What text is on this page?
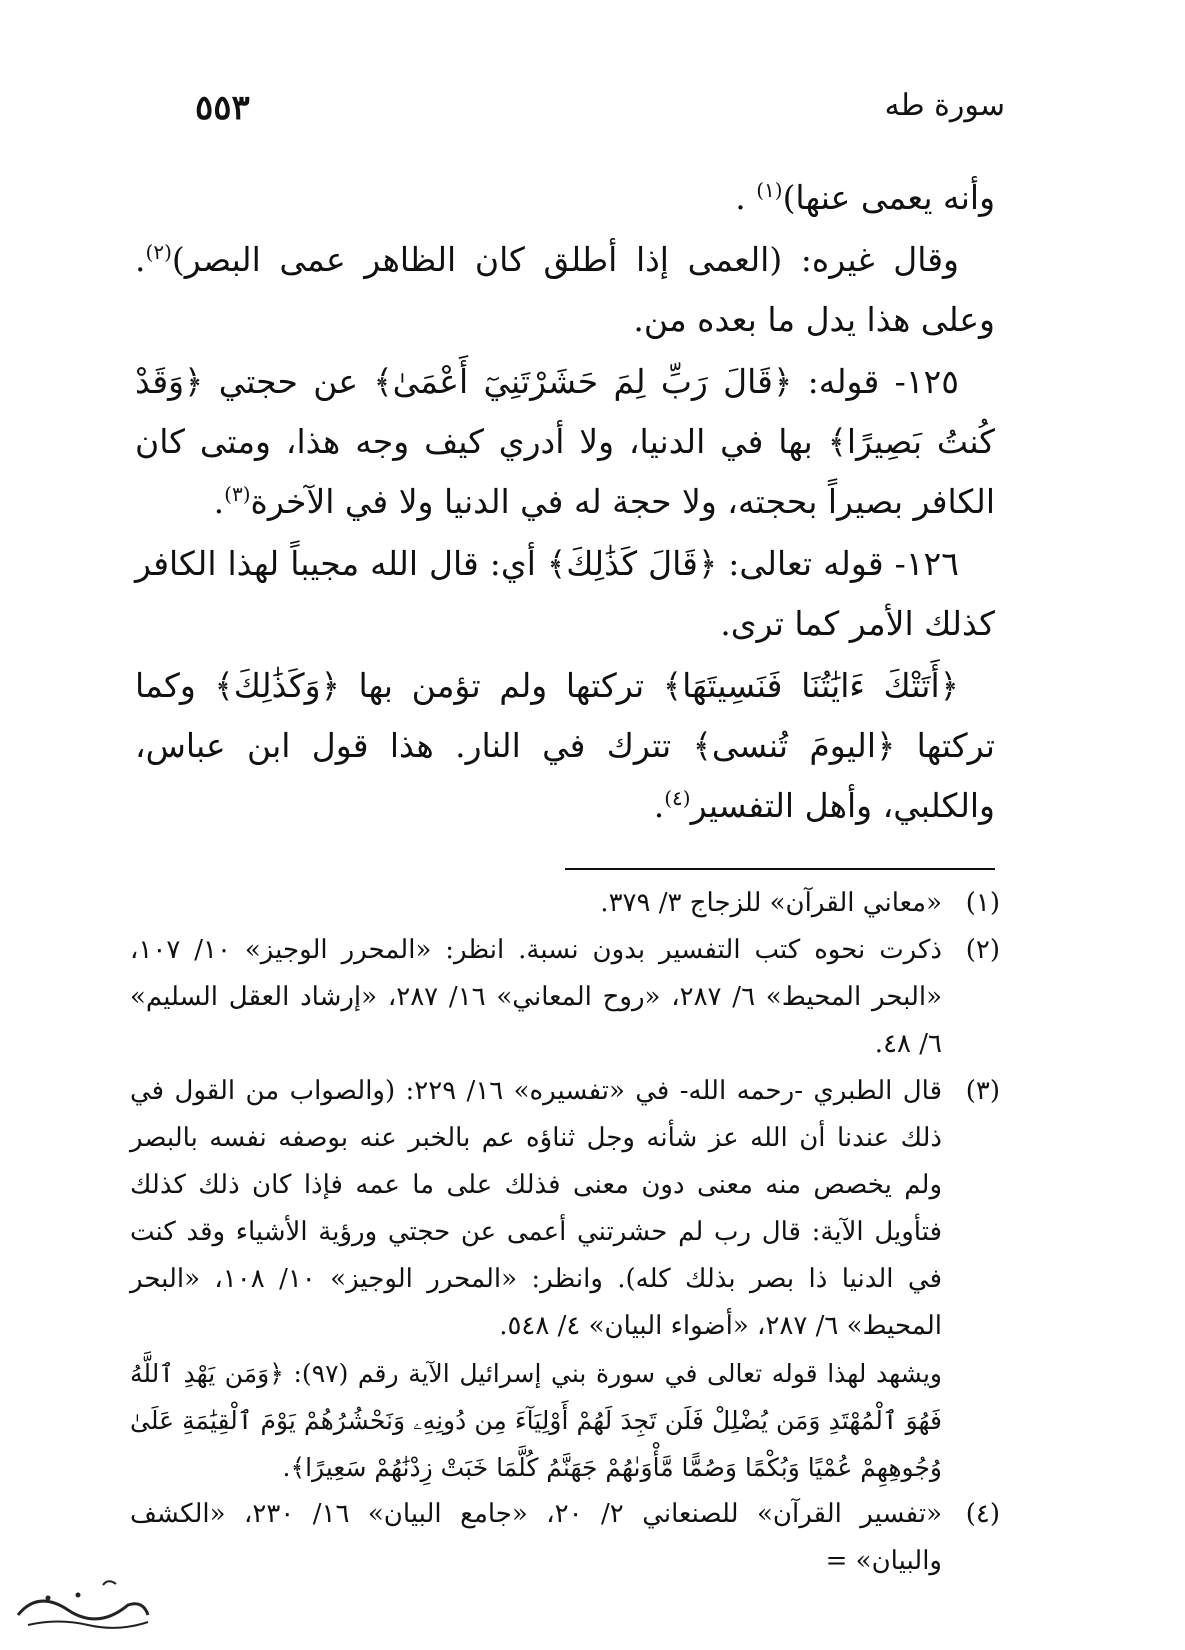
٥٥٣	سورة طه

وأنه يعمى عنها)$^{(١)}$ .

وقال غيره: (العمى إذا أطلق كان الظاهر عمى البصر)$^{(٢)}$. وعلى هذا يدل ما بعده من.

١٢٥- قوله: ﴿قَالَ رَبِّ لِمَ حَشَرْتَنِيٓ أَعْمَىٰ﴾ عن حجتي ﴿وَقَدْ كُنتُ بَصِيرًا﴾ بها في الدنيا، ولا أدري كيف وجه هذا، ومتى كان الكافر بصيراً بحجته، ولا حجة له في الدنيا ولا في الآخرة$^{(٣)}$.

١٢٦- قوله تعالى: ﴿قَالَ كَذَٰلِكَ﴾ أي: قال الله مجيباً لهذا الكافر كذلك الأمر كما ترى.

﴿أَتَتْكَ ءَايَٰتُنَا فَنَسِيتَهَا﴾ تركتها ولم تؤمن بها ﴿وَكَذَٰلِكَ﴾ وكما تركتها ﴿اليومَ تُنسى﴾ تترك في النار. هذا قول ابن عباس، والكلبي، وأهل التفسير$^{(٤)}$.

(١)
«معاني القرآن» للزجاج ٣/ ٣٧٩.
(٢)
ذكرت نحوه كتب التفسير بدون نسبة. انظر: «المحرر الوجيز» ١٠/ ١٠٧، «البحر المحيط» ٦/ ٢٨٧، «روح المعاني» ١٦/ ٢٨٧، «إرشاد العقل السليم» ٦/ ٤٨.
(٣)
قال الطبري -رحمه الله- في «تفسيره» ١٦/ ٢٢٩: (والصواب من القول في ذلك عندنا أن الله عز شأنه وجل ثناؤه عم بالخبر عنه بوصفه نفسه بالبصر ولم يخصص منه معنى دون معنى فذلك على ما عمه فإذا كان ذلك كذلك فتأويل الآية: قال رب لم حشرتني أعمى عن حجتي ورؤية الأشياء وقد كنت في الدنيا ذا بصر بذلك كله). وانظر: «المحرر الوجيز» ١٠/ ١٠٨، «البحر المحيط» ٦/ ٢٨٧، «أضواء البيان» ٤/ ٥٤٨.
ويشهد لهذا قوله تعالى في سورة بني إسرائيل الآية رقم (٩٧): ﴿وَمَن يَهْدِ ٱللَّهُ فَهُوَ ٱلْمُهْتَدِ وَمَن يُضْلِلْ فَلَن تَجِدَ لَهُمْ أَوْلِيَآءَ مِن دُونِهِۦ وَنَحْشُرُهُمْ يَوْمَ ٱلْقِيَٰمَةِ عَلَىٰ وُجُوهِهِمْ عُمْيًا وَبُكْمًا وَصُمًّا مَّأْوَىٰهُمْ جَهَنَّمُ كُلَّمَا خَبَتْ زِدْنَٰهُمْ سَعِيرًا﴾.
(٤)
«تفسير القرآن» للصنعاني ٢/ ٢٠، «جامع البيان» ١٦/ ٢٣٠، «الكشف والبيان» =
